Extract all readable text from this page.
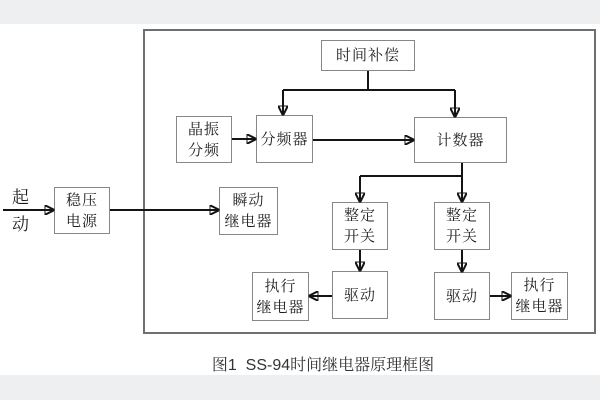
起
动
时间补偿
晶振
分频
分频器	计数器
稳压
电源
瞬动
继电器	整定
开关
整定
开关
驱动	驱动
执行
继电器
执行
继电器
图1  SS-94时间继电器原理框图
